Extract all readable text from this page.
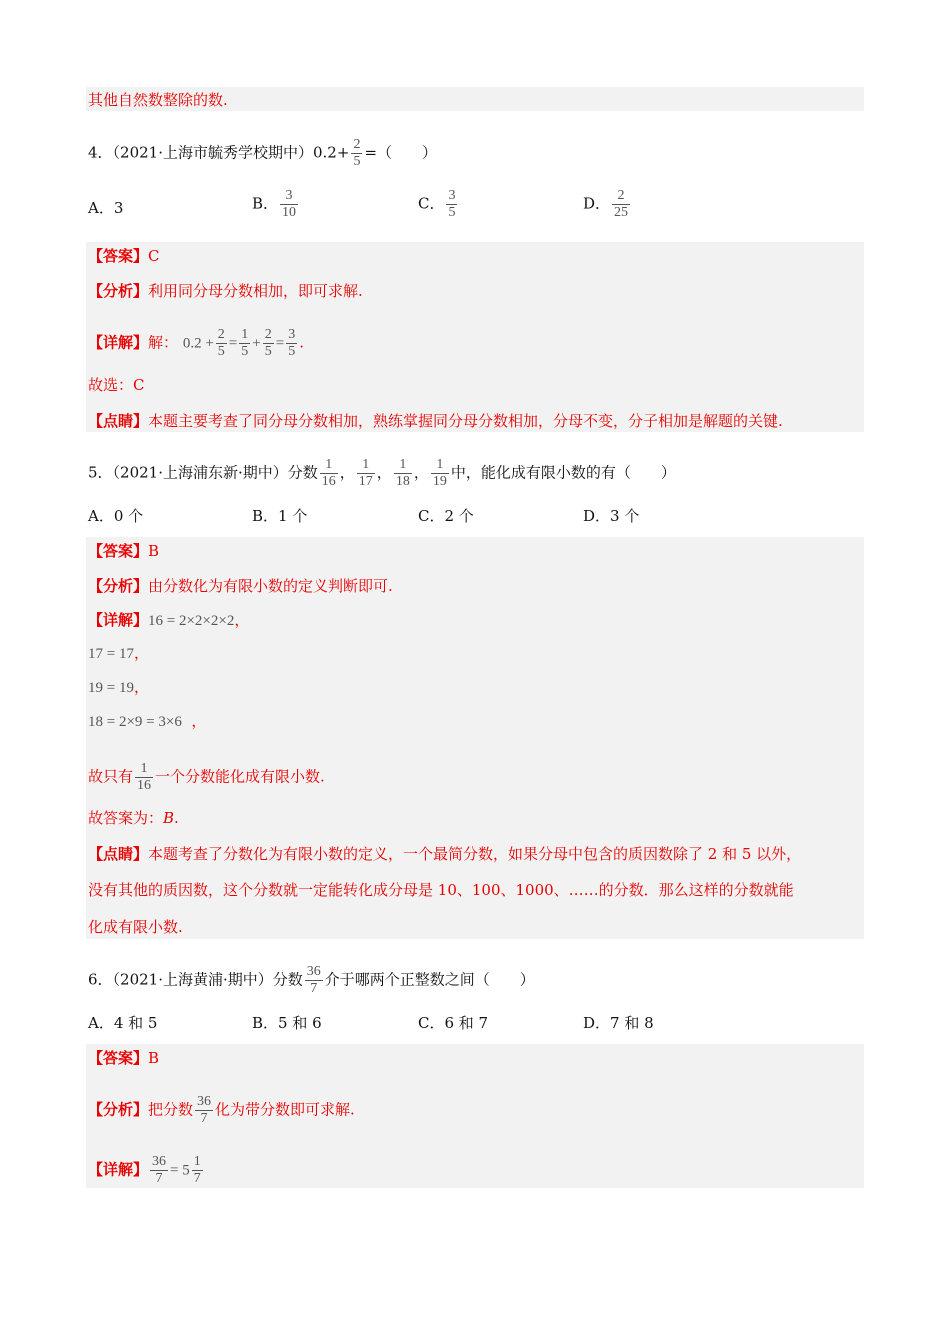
其他自然数整除的数.
4．（2021·上海市毓秀学校期中）$0.2+ \frac{2}{5}$ =（　　）
A．3	B． $\frac{3}{10}$	C． $\frac{3}{5}$	D． $\frac{2}{25}$
【答案】C
【分析】利用同分母分数相加，即可求解.
【详解】解： $0.2 + \frac{2}{5} = \frac{1}{5} + \frac{2}{5} = \frac{3}{5}$ .
故选：C
【点睛】本题主要考查了同分母分数相加，熟练掌握同分母分数相加，分母不变，分子相加是解题的关键.
5．（2021·上海浦东新·期中）分数 $\frac{1}{16}$ ， $\frac{1}{17}$ ， $\frac{1}{18}$ ， $\frac{1}{19}$ 中，能化成有限小数的有（　　）
A．0 个	B．1 个	C．2 个	D．3 个
【答案】B
【分析】由分数化为有限小数的定义判断即可.
【详解】16 = 2×2×2×2，
17 = 17，
19 = 19，
18 = 2×9 = 3×6 ，
故只有 $\frac{1}{16}$ 一个分数能化成有限小数.
故答案为：B.
【点睛】本题考查了分数化为有限小数的定义，一个最简分数，如果分母中包含的质因数除了 2 和 5 以外，
没有其他的质因数，这个分数就一定能转化成分母是 10、100、1000、……的分数．那么这样的分数就能
化成有限小数.
6．（2021·上海黄浦·期中）分数 $\frac{36}{7}$ 介于哪两个正整数之间（　　）
A．4 和 5	B．5 和 6	C．6 和 7	D．7 和 8
【答案】B
【分析】把分数 $\frac{36}{7}$ 化为带分数即可求解.
【详解】 $\frac{36}{7} = 5 \frac{1}{7}$
